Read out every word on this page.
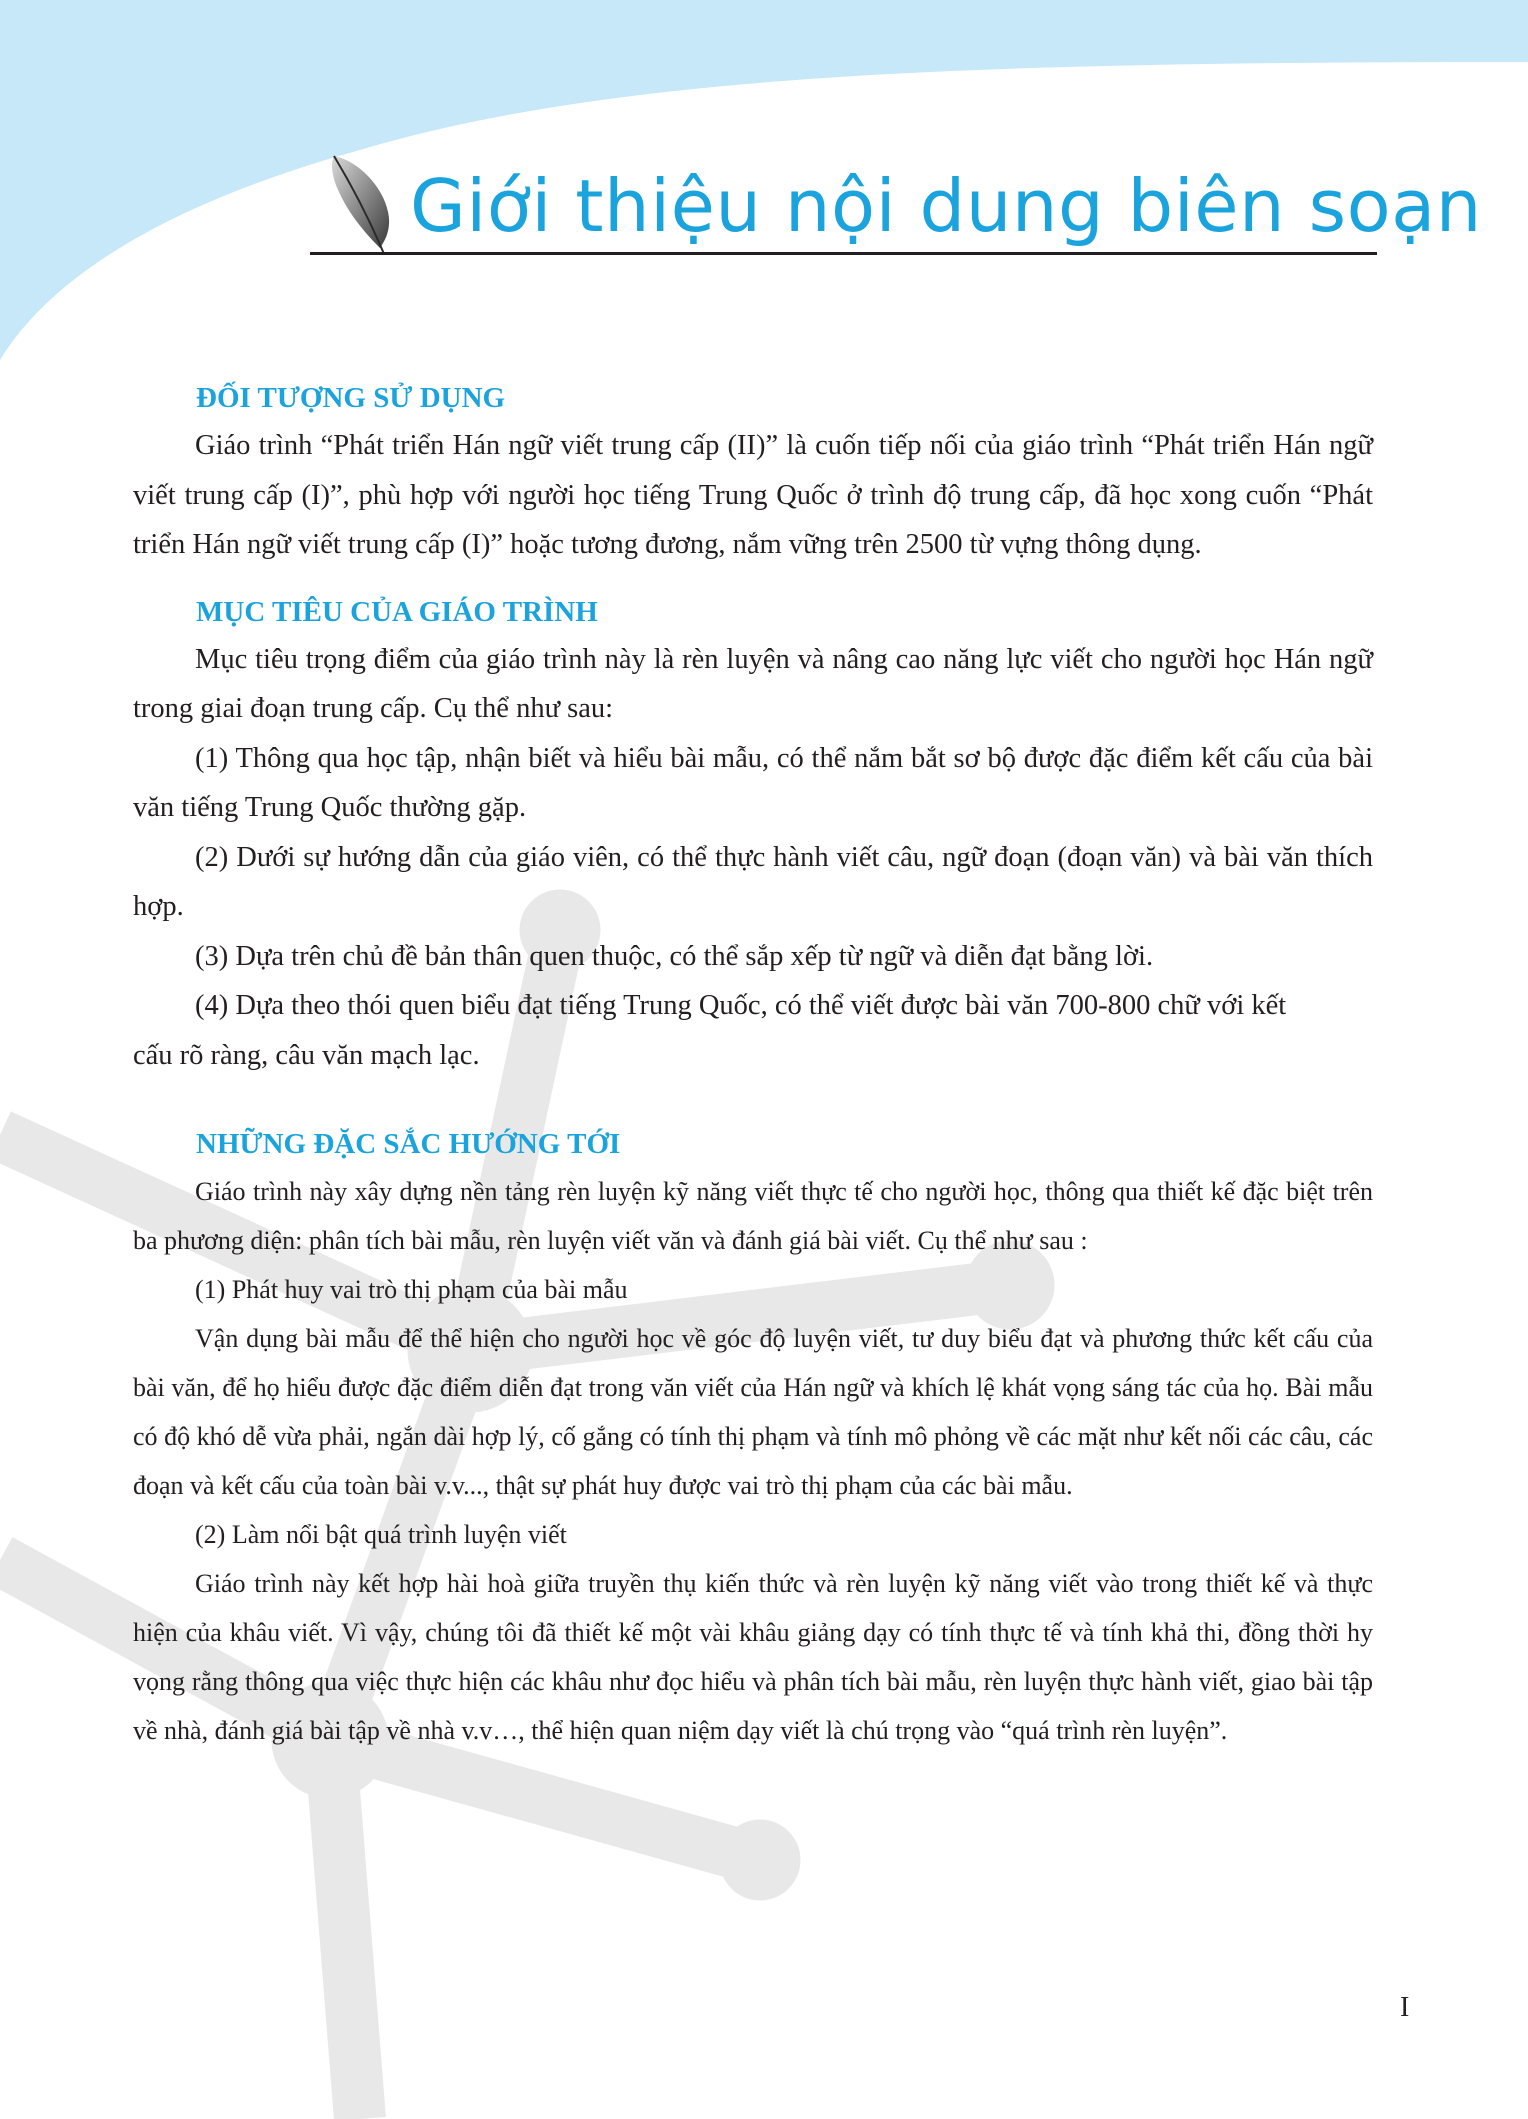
Giới thiệu nội dung biên soạn
ĐỐI TƯỢNG SỬ DỤNG

Giáo trình “Phát triển Hán ngữ viết trung cấp (II)” là cuốn tiếp nối của giáo trình “Phát triển Hán ngữ viết trung cấp (I)”, phù hợp với người học tiếng Trung Quốc ở trình độ trung cấp, đã học xong cuốn “Phát triển Hán ngữ viết trung cấp (I)” hoặc tương đương, nắm vững trên 2500 từ vựng thông dụng.

MỤC TIÊU CỦA GIÁO TRÌNH

Mục tiêu trọng điểm của giáo trình này là rèn luyện và nâng cao năng lực viết cho người học Hán ngữ trong giai đoạn trung cấp. Cụ thể như sau:

(1) Thông qua học tập, nhận biết và hiểu bài mẫu, có thể nắm bắt sơ bộ được đặc điểm kết cấu của bài văn tiếng Trung Quốc thường gặp.

(2) Dưới sự hướng dẫn của giáo viên, có thể thực hành viết câu, ngữ đoạn (đoạn văn) và bài văn thích hợp.

(3) Dựa trên chủ đề bản thân quen thuộc, có thể sắp xếp từ ngữ và diễn đạt bằng lời.

(4) Dựa theo thói quen biểu đạt tiếng Trung Quốc, có thể viết được bài văn 700-800 chữ với kết cấu rõ ràng, câu văn mạch lạc.

NHỮNG ĐẶC SẮC HƯỚNG TỚI

Giáo trình này xây dựng nền tảng rèn luyện kỹ năng viết thực tế cho người học, thông qua thiết kế đặc biệt trên ba phương diện: phân tích bài mẫu, rèn luyện viết văn và đánh giá bài viết. Cụ thể như sau :

(1) Phát huy vai trò thị phạm của bài mẫu

Vận dụng bài mẫu để thể hiện cho người học về góc độ luyện viết, tư duy biểu đạt và phương thức kết cấu của bài văn, để họ hiểu được đặc điểm diễn đạt trong văn viết của Hán ngữ và khích lệ khát vọng sáng tác của họ. Bài mẫu có độ khó dễ vừa phải, ngắn dài hợp lý, cố gắng có tính thị phạm và tính mô phỏng về các mặt như kết nối các câu, các đoạn và kết cấu của toàn bài v.v..., thật sự phát huy được vai trò thị phạm của các bài mẫu.

(2) Làm nổi bật quá trình luyện viết

Giáo trình này kết hợp hài hoà giữa truyền thụ kiến thức và rèn luyện kỹ năng viết vào trong thiết kế và thực hiện của khâu viết. Vì vậy, chúng tôi đã thiết kế một vài khâu giảng dạy có tính thực tế và tính khả thi, đồng thời hy vọng rằng thông qua việc thực hiện các khâu như đọc hiểu và phân tích bài mẫu, rèn luyện thực hành viết, giao bài tập về nhà, đánh giá bài tập về nhà v.v…, thể hiện quan niệm dạy viết là chú trọng vào “quá trình rèn luyện”.

I
